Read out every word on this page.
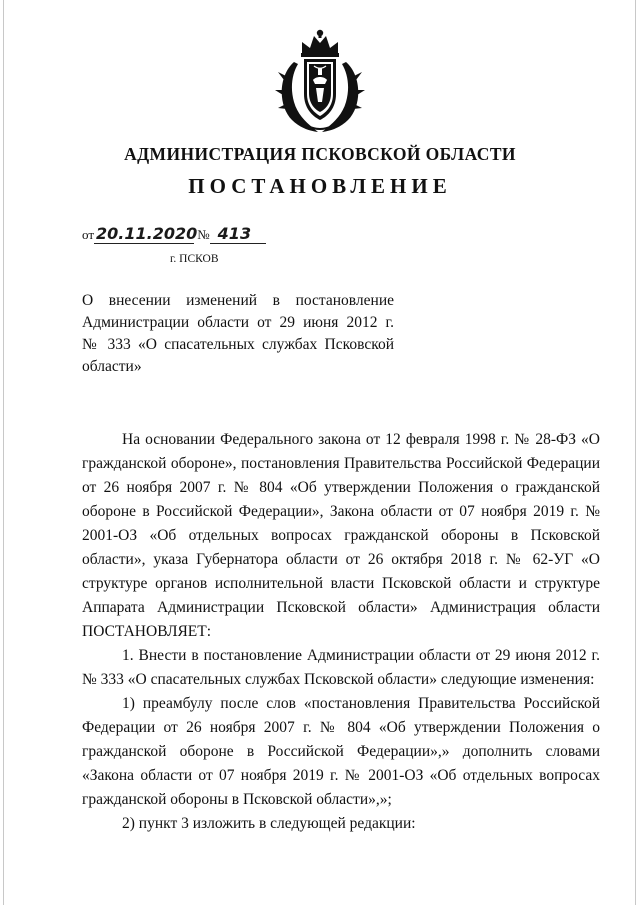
АДМИНИСТРАЦИЯ ПСКОВСКОЙ ОБЛАСТИ
ПОСТАНОВЛЕНИЕ
от 20.11.2020 № 413
г. ПСКОВ
О внесении изменений в постановление
Администрации области от 29 июня 2012 г.
№ 333 «О спасательных службах Псковской
области»

На основании Федерального закона от 12 февраля 1998 г. № 28-ФЗ «О гражданской обороне», постановления Правительства Российской Федерации от 26 ноября 2007 г. № 804 «Об утверждении Положения о гражданской обороне в Российской Федерации», Закона области от 07 ноября 2019 г. № 2001-ОЗ «Об отдельных вопросах гражданской обороны в Псковской области», указа Губернатора области от 26 октября 2018 г. № 62-УГ «О структуре органов исполнительной власти Псковской области и структуре Аппарата Администрации Псковской области» Администрация области ПОСТАНОВЛЯЕТ:

1. Внести в постановление Администрации области от 29 июня 2012 г. № 333 «О спасательных службах Псковской области» следующие изменения:

1) преамбулу после слов «постановления Правительства Российской Федерации от 26 ноября 2007 г. № 804 «Об утверждении Положения о гражданской обороне в Российской Федерации»,» дополнить словами «Закона области от 07 ноября 2019 г. № 2001-ОЗ «Об отдельных вопросах гражданской обороны в Псковской области»,»;

2) пункт 3 изложить в следующей редакции:
